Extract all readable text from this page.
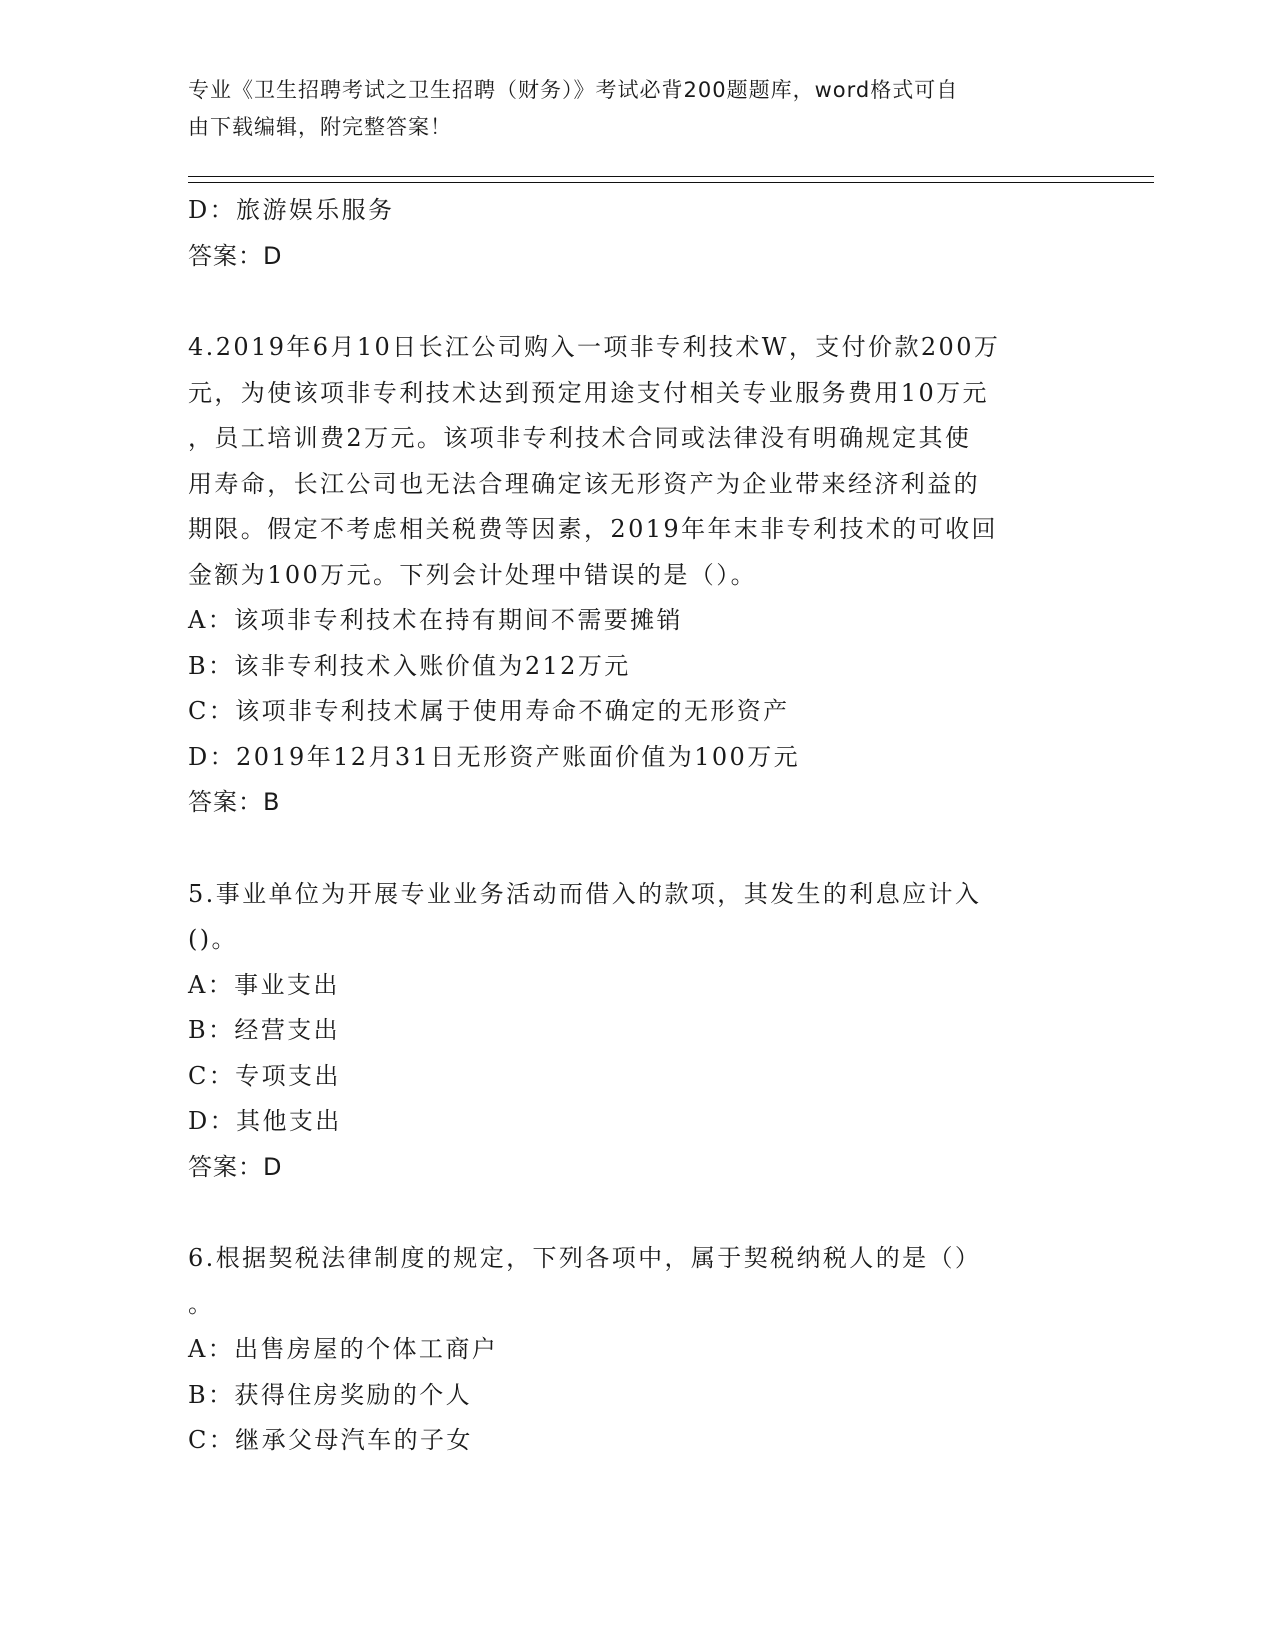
专业《卫生招聘考试之卫生招聘（财务）》考试必背200题题库，word格式可自
由下载编辑，附完整答案！
D：旅游娱乐服务
答案：D
4.2019年6月10日长江公司购入一项非专利技术W，支付价款200万
元，为使该项非专利技术达到预定用途支付相关专业服务费用10万元
，员工培训费2万元。该项非专利技术合同或法律没有明确规定其使
用寿命，长江公司也无法合理确定该无形资产为企业带来经济利益的
期限。假定不考虑相关税费等因素，2019年年末非专利技术的可收回
金额为100万元。下列会计处理中错误的是（）。
A：该项非专利技术在持有期间不需要摊销
B：该非专利技术入账价值为212万元
C：该项非专利技术属于使用寿命不确定的无形资产
D：2019年12月31日无形资产账面价值为100万元
答案：B
5.事业单位为开展专业业务活动而借入的款项，其发生的利息应计入
()。
A：事业支出
B：经营支出
C：专项支出
D：其他支出
答案：D
6.根据契税法律制度的规定，下列各项中，属于契税纳税人的是（）
。
A：出售房屋的个体工商户
B：获得住房奖励的个人
C：继承父母汽车的子女
